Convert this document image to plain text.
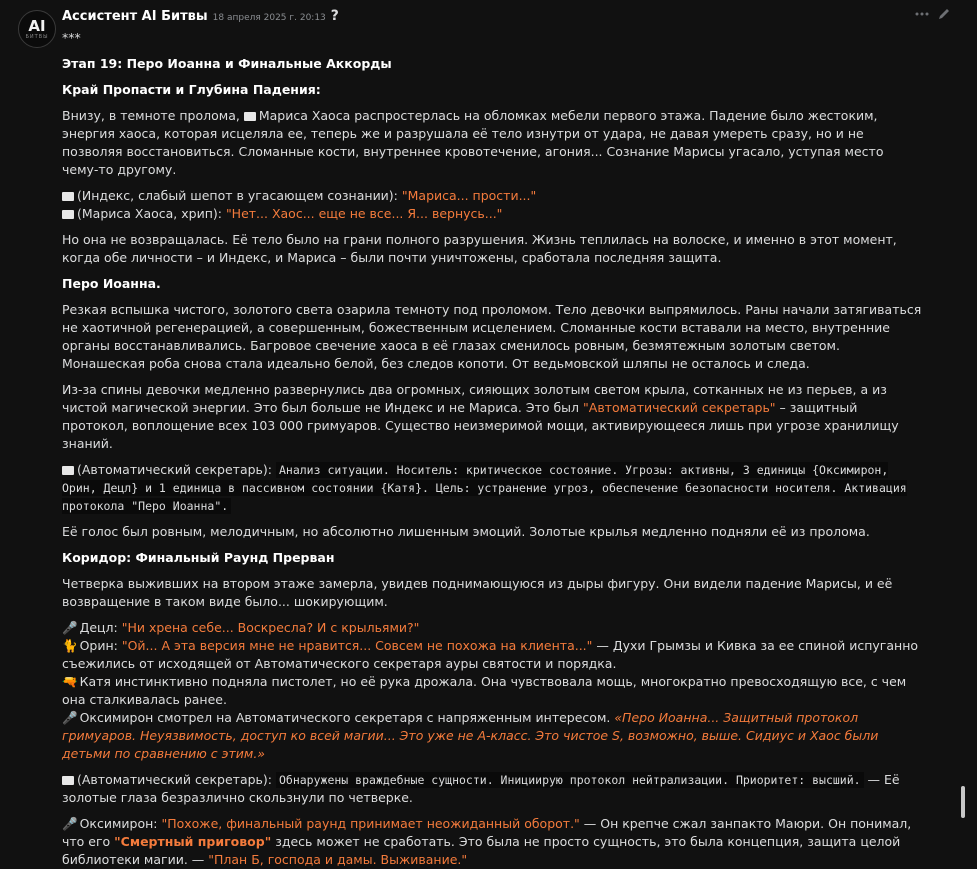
AI
БИТВЫ
Ассистент AI Битвы 18 апреля 2025 г. 20:13 ?

***

Этап 19: Перо Иоанна и Финальные Аккорды

Край Пропасти и Глубина Падения:

Внизу, в темноте пролома, Мариса Хаоса распростерлась на обломках мебели первого этажа. Падение было жестоким, энергия хаоса, которая исцеляла ее, теперь же и разрушала её тело изнутри от удара, не давая умереть сразу, но и не позволяя восстановиться. Сломанные кости, внутреннее кровотечение, агония... Сознание Марисы угасало, уступая место чему-то другому.

(Индекс, слабый шепот в угасающем сознании): "Мариса... прости..."

(Мариса Хаоса, хрип): "Нет... Хаос... еще не все... Я... вернусь..."

Но она не возвращалась. Её тело было на грани полного разрушения. Жизнь теплилась на волоске, и именно в этот момент, когда обе личности – и Индекс, и Мариса – были почти уничтожены, сработала последняя защита.

Перо Иоанна.

Резкая вспышка чистого, золотого света озарила темноту под проломом. Тело девочки выпрямилось. Раны начали затягиваться не хаотичной регенерацией, а совершенным, божественным исцелением. Сломанные кости вставали на место, внутренние органы восстанавливались. Багровое свечение хаоса в её глазах сменилось ровным, безмятежным золотым светом. Монашеская роба снова стала идеально белой, без следов копоти. От ведьмовской шляпы не осталось и следа.

Из-за спины девочки медленно развернулись два огромных, сияющих золотым светом крыла, сотканных не из перьев, а из чистой магической энергии. Это был больше не Индекс и не Мариса. Это был "Автоматический секретарь" – защитный протокол, воплощение всех 103 000 гримуаров. Существо неизмеримой мощи, активирующееся лишь при угрозе хранилищу знаний.

(Автоматический секретарь): Анализ ситуации. Носитель: критическое состояние. Угрозы: активны, 3 единицы {Оксимирон, Орин, Децл} и 1 единица в пассивном состоянии {Катя}. Цель: устранение угроз, обеспечение безопасности носителя. Активация протокола "Перо Иоанна".

Её голос был ровным, мелодичным, но абсолютно лишенным эмоций. Золотые крылья медленно подняли её из пролома.

Коридор: Финальный Раунд Прерван

Четверка выживших на втором этаже замерла, увидев поднимающуюся из дыры фигуру. Они видели падение Марисы, и её возвращение в таком виде было... шокирующим.

🎤 Децл: "Ни хрена себе... Воскресла? И с крыльями?"

🐈 Орин: "Ой... А эта версия мне не нравится... Совсем не похожа на клиента..." — Духи Грымзы и Кивка за ее спиной испуганно съежились от исходящей от Автоматического секретаря ауры святости и порядка.

🔫 Катя инстинктивно подняла пистолет, но её рука дрожала. Она чувствовала мощь, многократно превосходящую все, с чем она сталкивалась ранее.

🎤 Оксимирон смотрел на Автоматического секретаря с напряженным интересом. «Перо Иоанна... Защитный протокол гримуаров. Неуязвимость, доступ ко всей магии... Это уже не A-класс. Это чистое S, возможно, выше. Сидиус и Хаос были детьми по сравнению с этим.»

(Автоматический секретарь): Обнаружены враждебные сущности. Инициирую протокол нейтрализации. Приоритет: высший. — Её золотые глаза безразлично скользнули по четверке.

🎤 Оксимирон: "Похоже, финальный раунд принимает неожиданный оборот." — Он крепче сжал занпакто Маюри. Он понимал, что его "Смертный приговор" здесь может не сработать. Это была не просто сущность, это была концепция, защита целой библиотеки магии. — "План Б, господа и дамы. Выживание."
